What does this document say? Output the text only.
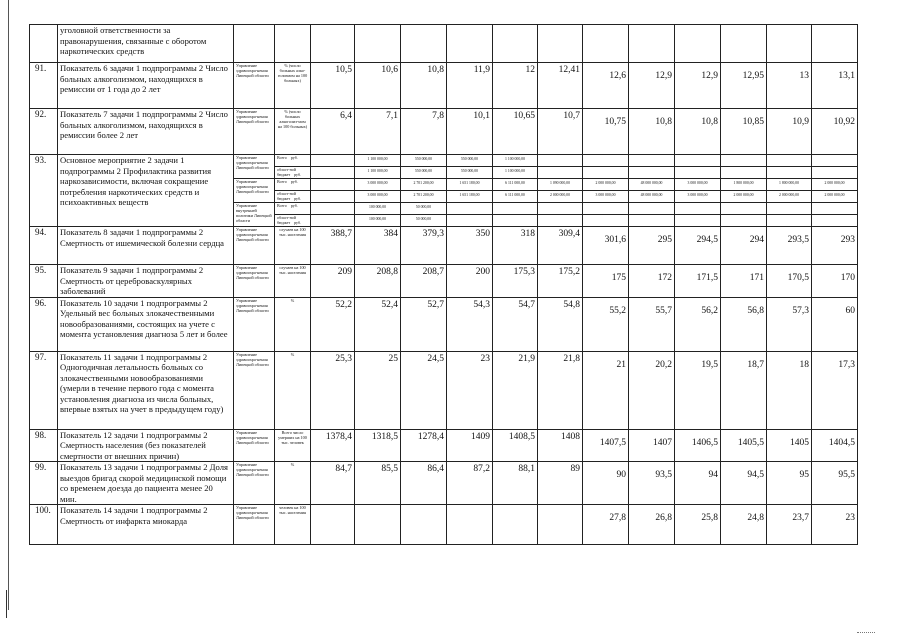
	уголовной ответственности за правонарушения, связанные с оборотом наркотических средств														
91.	Показатель 6 задачи 1 подпрограммы 2 Число больных алкоголизмом, находящихся в ремиссии от 1 года до 2 лет	Управление здравоохра-нения Липецкой области	% (число больных алко-голизмом на 100 больных)	10,5	10,6	10,8	11,9	12	12,41	12,6	12,9	12,9	12,95	13	13,1
92.	Показатель 7 задачи 1 подпрограммы 2 Число больных алкоголизмом, находящихся в ремиссии более 2 лет	Управление здравоохра-нения Липецкой области	% (число больных алкоголиз-мом на 100 больных)	6,4	7,1	7,8	10,1	10,65	10,7	10,75	10,8	10,8	10,85	10,9	10,92
93.	Основное мероприятие 2 задачи 1 подпрограммы 2 Профилактика развития наркозависимости, включая сокращение потребления наркотических средств и психоактивных веществ	Управление здравоохра-нения Липецкой области	Всего руб.		1 100 000,00	550 000,00	550 000,00	1 100 000,00							
			област-ной бюджет руб.		1 100 000,00	550 000,00	550 000,00	1 100 000,00							
		Управление здравоохра-нения Липецкой области	Всего руб.		3 000 000,00	2 701 200,00	1 651 180,00	6 111 000,00	1 090 000,00	2 000 000,00	48 000 000,00	3 000 000,00	1 800 000,00	1 800 000,00	2 000 000,00
			област-ной бюджет руб.		3 000 000,00	2 701 200,00	1 651 180,00	6 111 000,00	2 000 000,00	3 000 000,00	48 000 000,00	3 000 000,00	2 000 000,00	2 000 000,00	2 000 000,00
		Управление внутренней политики Липецкой области	Всего руб.		100 000,00	50 000,00									
			област-ной бюджет руб.		100 000,00	50 000,00									
94.	Показатель 8 задачи 1 подпрограммы 2 Смертность от ишемической болезни сердца	Управление здравоохра-нения Липецкой области	случаев на 100 тыс. населения	388,7	384	379,3	350	318	309,4	301,6	295	294,5	294	293,5	293
95.	Показатель 9 задачи 1 подпрограммы 2 Смертность от цереброваскулярных заболеваний	Управление здравоохра-нения Липецкой области	случаев на 100 тыс. населения	209	208,8	208,7	200	175,3	175,2	175	172	171,5	171	170,5	170
96.	Показатель 10 задачи 1 подпрограммы 2 Удельный вес больных злокачественными новообразованиями, состоящих на учете с момента установления диагноза 5 лет и более	Управление здравоохра-нения Липецкой области	%	52,2	52,4	52,7	54,3	54,7	54,8	55,2	55,7	56,2	56,8	57,3	60
97.	Показатель 11 задачи 1 подпрограммы 2 Одногодичная летальность больных со злокачественными новообразованиями (умерли в течение первого года с момента установления диагноза из числа больных, впервые взятых на учет в предыдущем году)	Управление здравоохра-нения Липецкой области	%	25,3	25	24,5	23	21,9	21,8	21	20,2	19,5	18,7	18	17,3
98.	Показатель 12 задачи 1 подпрограммы 2 Смертность населения (без показателей смертности от внешних причин)	Управление здравоохра-нения Липецкой области	Всего число умерших на 100 тыс. человек	1378,4	1318,5	1278,4	1409	1408,5	1408	1407,5	1407	1406,5	1405,5	1405	1404,5
99.	Показатель 13 задачи 1 подпрограммы 2 Доля выездов бригад скорой медицинской помощи со временем доезда до пациента менее 20 мин.	Управление здравоохра-нения Липецкой области	%	84,7	85,5	86,4	87,2	88,1	89	90	93,5	94	94,5	95	95,5
100.	Показатель 14 задачи 1 подпрограммы 2 Смертность от инфаркта миокарда	Управление здравоохра-нения Липецкой области	человек на 100 тыс. населения							27,8	26,8	25,8	24,8	23,7	23
